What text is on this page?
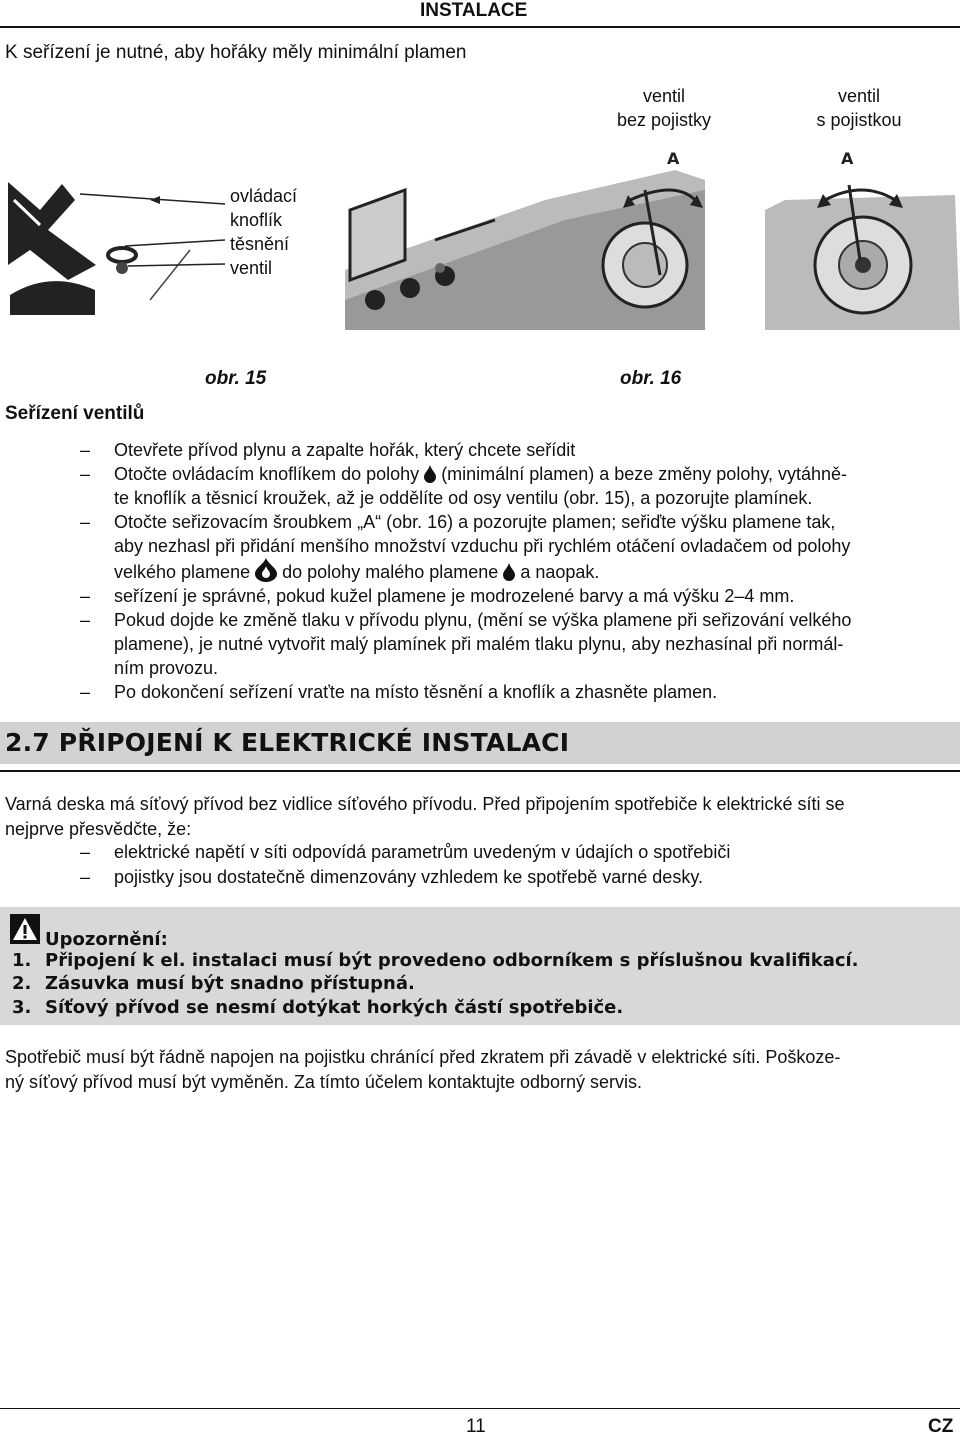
INSTALACE
K seřízení je nutné, aby hořáky měly minimální plamen
ventil
bez pojistky
ventil
s pojistkou
ovládací
knoflík
těsnění
ventil
A	A
obr. 15	obr. 16
Seřízení ventilů
– Otevřete přívod plynu a zapalte hořák, který chcete seřídit
– Otočte ovládacím knoflíkem do polohy (minimální plamen) a beze změny polohy, vytáhně-
te knoflík a těsnicí kroužek, až je oddělíte od osy ventilu (obr. 15), a pozorujte plamínek.
– Otočte seřizovacím šroubkem „A“ (obr. 16) a pozorujte plamen; seřiďte výšku plamene tak,
aby nezhasl při přidání menšího množství vzduchu při rychlém otáčení ovladačem od polohy
velkého plamene do polohy malého plamene a naopak.
– seřízení je správné, pokud kužel plamene je modrozelené barvy a má výšku 2–4 mm.
– Pokud dojde ke změně tlaku v přívodu plynu, (mění se výška plamene při seřizování velkého
plamene), je nutné vytvořit malý plamínek při malém tlaku plynu, aby nezhasínal při normál-
ním provozu.
– Po dokončení seřízení vraťte na místo těsnění a knoflík a zhasněte plamen.
2.7 PŘIPOJENÍ K ELEKTRICKÉ INSTALACI
Varná deska má síťový přívod bez vidlice síťového přívodu. Před připojením spotřebiče k elektrické síti se
nejprve přesvědčte, že:
– elektrické napětí v síti odpovídá parametrům uvedeným v údajích o spotřebiči
– pojistky jsou dostatečně dimenzovány vzhledem ke spotřebě varné desky.
Upozornění:
1. Připojení k el. instalaci musí být provedeno odborníkem s příslušnou kvalifikací.
2. Zásuvka musí být snadno přístupná.
3. Síťový přívod se nesmí dotýkat horkých částí spotřebiče.
Spotřebič musí být řádně napojen na pojistku chránící před zkratem při závadě v elektrické síti. Poškoze-
ný síťový přívod musí být vyměněn. Za tímto účelem kontaktujte odborný servis.
11	CZ
